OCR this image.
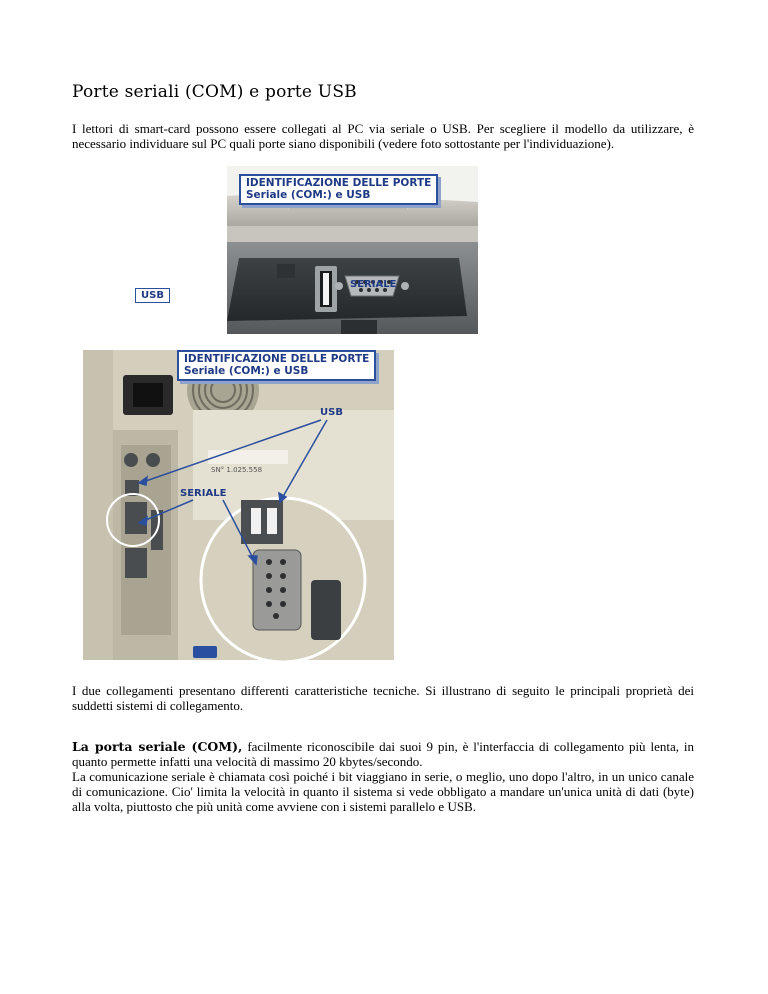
Porte seriali (COM) e porte USB

I lettori di smart-card possono essere collegati al PC via seriale o USB. Per scegliere il modello da utilizzare, è necessario individuare sul PC quali porte siano disponibili (vedere foto sottostante per l'individuazione).

IDENTIFICAZIONE DELLE PORTE
Seriale (COM:) e USB
USB
SERIALE
SN° 1.025.558
IDENTIFICAZIONE DELLE PORTE
Seriale (COM:) e USB
USB
SERIALE

I due collegamenti presentano differenti caratteristiche tecniche. Si illustrano di seguito le principali proprietà dei suddetti sistemi di collegamento.

La porta seriale (COM), facilmente riconoscibile dai suoi 9 pin, è l'interfaccia di collegamento più lenta, in quanto permette infatti una velocità di massimo 20 kbytes/secondo.
La comunicazione seriale è chiamata così poiché i bit viaggiano in serie, o meglio, uno dopo l'altro, in un unico canale di comunicazione. Cio' limita la velocità in quanto il sistema si vede obbligato a mandare un'unica unità di dati (byte) alla volta, piuttosto che più unità come avviene con i sistemi parallelo e USB.
